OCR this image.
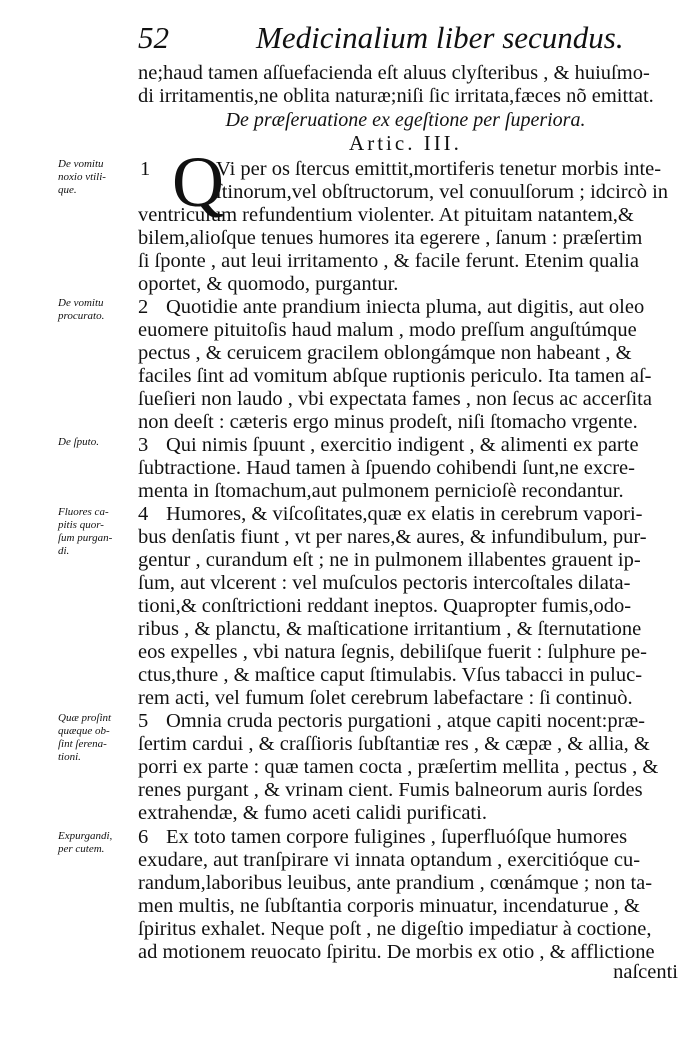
52	Medicinalium liber secundus.
ne;haud tamen aſſuefacienda eſt aluus clyſteribus , & huiuſmo-
di irritamentis,ne oblita naturæ;niſi ſic irritata,fæces nõ emittat.
De præſeruatione ex egeſtione per ſuperiora.
Artic. III.
De vomitu
noxio vtili-
que.
1 Q
Vi per os ſtercus emittit,mortiferis tenetur morbis inte-
ſtinorum,vel obſtructorum, vel conuulſorum ; idcircò in
ventriculum refundentium violenter. At pituitam natantem,&
bilem,alioſque tenues humores ita egerere , ſanum : præſertim
ſi ſponte , aut leui irritamento , & facile ferunt. Etenim qualia
oportet, & quomodo, purgantur.
De vomitu
procurato.	2 Quotidie ante prandium iniecta pluma, aut digitis, aut oleo
euomere pituitoſis haud malum , modo preſſum anguſtúmque
pectus , & ceruicem gracilem oblongámque non habeant , &
faciles ſint ad vomitum abſque ruptionis periculo. Ita tamen aſ-
ſueſieri non laudo , vbi expectata fames , non ſecus ac accerſita
non deeſt : cæteris ergo minus prodeſt, niſi ſtomacho vrgente.
De ſputo.	3 Qui nimis ſpuunt , exercitio indigent , & alimenti ex parte
ſubtractione. Haud tamen à ſpuendo cohibendi ſunt,ne excre-
menta in ſtomachum,aut pulmonem pernicioſè recondantur.
Fluores ca-
pitis quor-
ſum purgan-
di.
4 Humores, & viſcoſitates,quæ ex elatis in cerebrum vapori-
bus denſatis fiunt , vt per nares,& aures, & infundibulum, pur-
gentur , curandum eſt ; ne in pulmonem illabentes grauent ip-
ſum, aut vlcerent : vel muſculos pectoris intercoſtales dilata-
tioni,& conſtrictioni reddant ineptos. Quapropter fumis,odo-
ribus , & planctu, & maſticatione irritantium , & ſternutatione
eos expelles , vbi natura ſegnis, debiliſque fuerit : ſulphure pe-
ctus,thure , & maſtice caput ſtimulabis. Vſus tabacci in puluc-
rem acti, vel fumum ſolet cerebrum labefactare : ſi continuò.
Quæ proſint
quæque ob-
ſint ſerena-
tioni.
5 Omnia cruda pectoris purgationi , atque capiti nocent:præ-
ſertim cardui , & craſſioris ſubſtantiæ res , & cæpæ , & allia, &
porri ex parte : quæ tamen cocta , præſertim mellita , pectus , &
renes purgant , & vrinam cient. Fumis balneorum auris ſordes
extrahendæ, & fumo aceti calidi purificati.
Expurgandi,
per cutem.
6 Ex toto tamen corpore fuligines , ſuperfluóſque humores
exudare, aut tranſpirare vi innata optandum , exercitióque cu-
randum,laboribus leuibus, ante prandium , cœnámque ; non ta-
men multis, ne ſubſtantia corporis minuatur, incendaturue , &
ſpiritus exhalet. Neque poſt , ne digeſtio impediatur à coctione,
ad motionem reuocato ſpiritu. De morbis ex otio , & afflictione
naſcenti
